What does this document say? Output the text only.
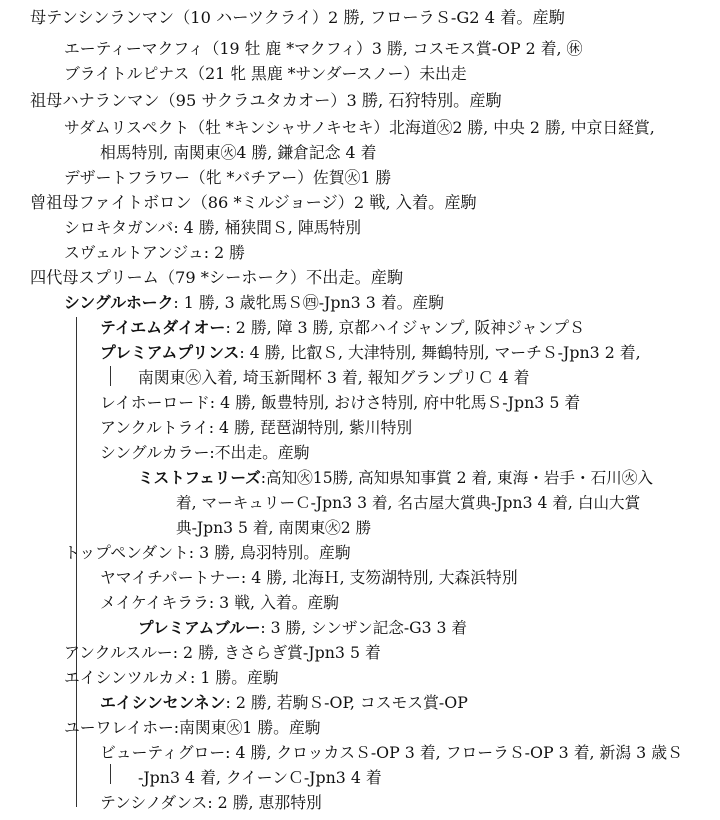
母テンシンランマン（10 ハーツクライ）2 勝, フローラＳ-G2 4 着。産駒
エーティーマクフィ（19 牡 鹿 *マクフィ）3 勝, コスモス賞-OP 2 着, ㊡
ブライトルピナス（21 牝 黒鹿 *サンダースノー）未出走
祖母ハナランマン（95 サクラユタカオー）3 勝, 石狩特別。産駒
サダムリスペクト（牡 *キンシャサノキセキ）北海道㊋2 勝, 中央 2 勝, 中京日経賞,
相馬特別, 南関東㊋4 勝, 鎌倉記念 4 着
デザートフラワー（牝 *バチアー）佐賀㊋1 勝
曾祖母ファイトボロン（86 *ミルジョージ）2 戦, 入着。産駒
シロキタガンバ: 4 勝, 桶狭間Ｓ, 陣馬特別
スヴェルトアンジュ: 2 勝
四代母スプリーム（79 *シーホーク）不出走。産駒
シングルホーク: 1 勝, 3 歳牝馬Ｓ㊃-Jpn3 3 着。産駒
テイエムダイオー: 2 勝, 障 3 勝, 京都ハイジャンプ, 阪神ジャンプＳ
プレミアムプリンス: 4 勝, 比叡Ｓ, 大津特別, 舞鶴特別, マーチＳ-Jpn3 2 着,
南関東㊋入着, 埼玉新聞杯 3 着, 報知グランプリＣ 4 着
レイホーロード: 4 勝, 飯豊特別, おけさ特別, 府中牝馬Ｓ-Jpn3 5 着
アンクルトライ: 4 勝, 琵琶湖特別, 紫川特別
シングルカラー:不出走。産駒
ミストフェリーズ:高知㊋15勝, 高知県知事賞 2 着, 東海・岩手・石川㊋入
着, マーキュリーＣ-Jpn3 3 着, 名古屋大賞典-Jpn3 4 着, 白山大賞
典-Jpn3 5 着, 南関東㊋2 勝
トップペンダント: 3 勝, 鳥羽特別。産駒
ヤマイチパートナー: 4 勝, 北海Ｈ, 支笏湖特別, 大森浜特別
メイケイキララ: 3 戦, 入着。産駒
プレミアムブルー: 3 勝, シンザン記念-G3 3 着
アンクルスルー: 2 勝, きさらぎ賞-Jpn3 5 着
エイシンツルカメ: 1 勝。産駒
エイシンセンネン: 2 勝, 若駒Ｓ-OP, コスモス賞-OP
ユーワレイホー:南関東㊋1 勝。産駒
ビューティグロー: 4 勝, クロッカスＳ-OP 3 着, フローラＳ-OP 3 着, 新潟 3 歳Ｓ
-Jpn3 4 着, クイーンＣ-Jpn3 4 着
テンシノダンス: 2 勝, 恵那特別
